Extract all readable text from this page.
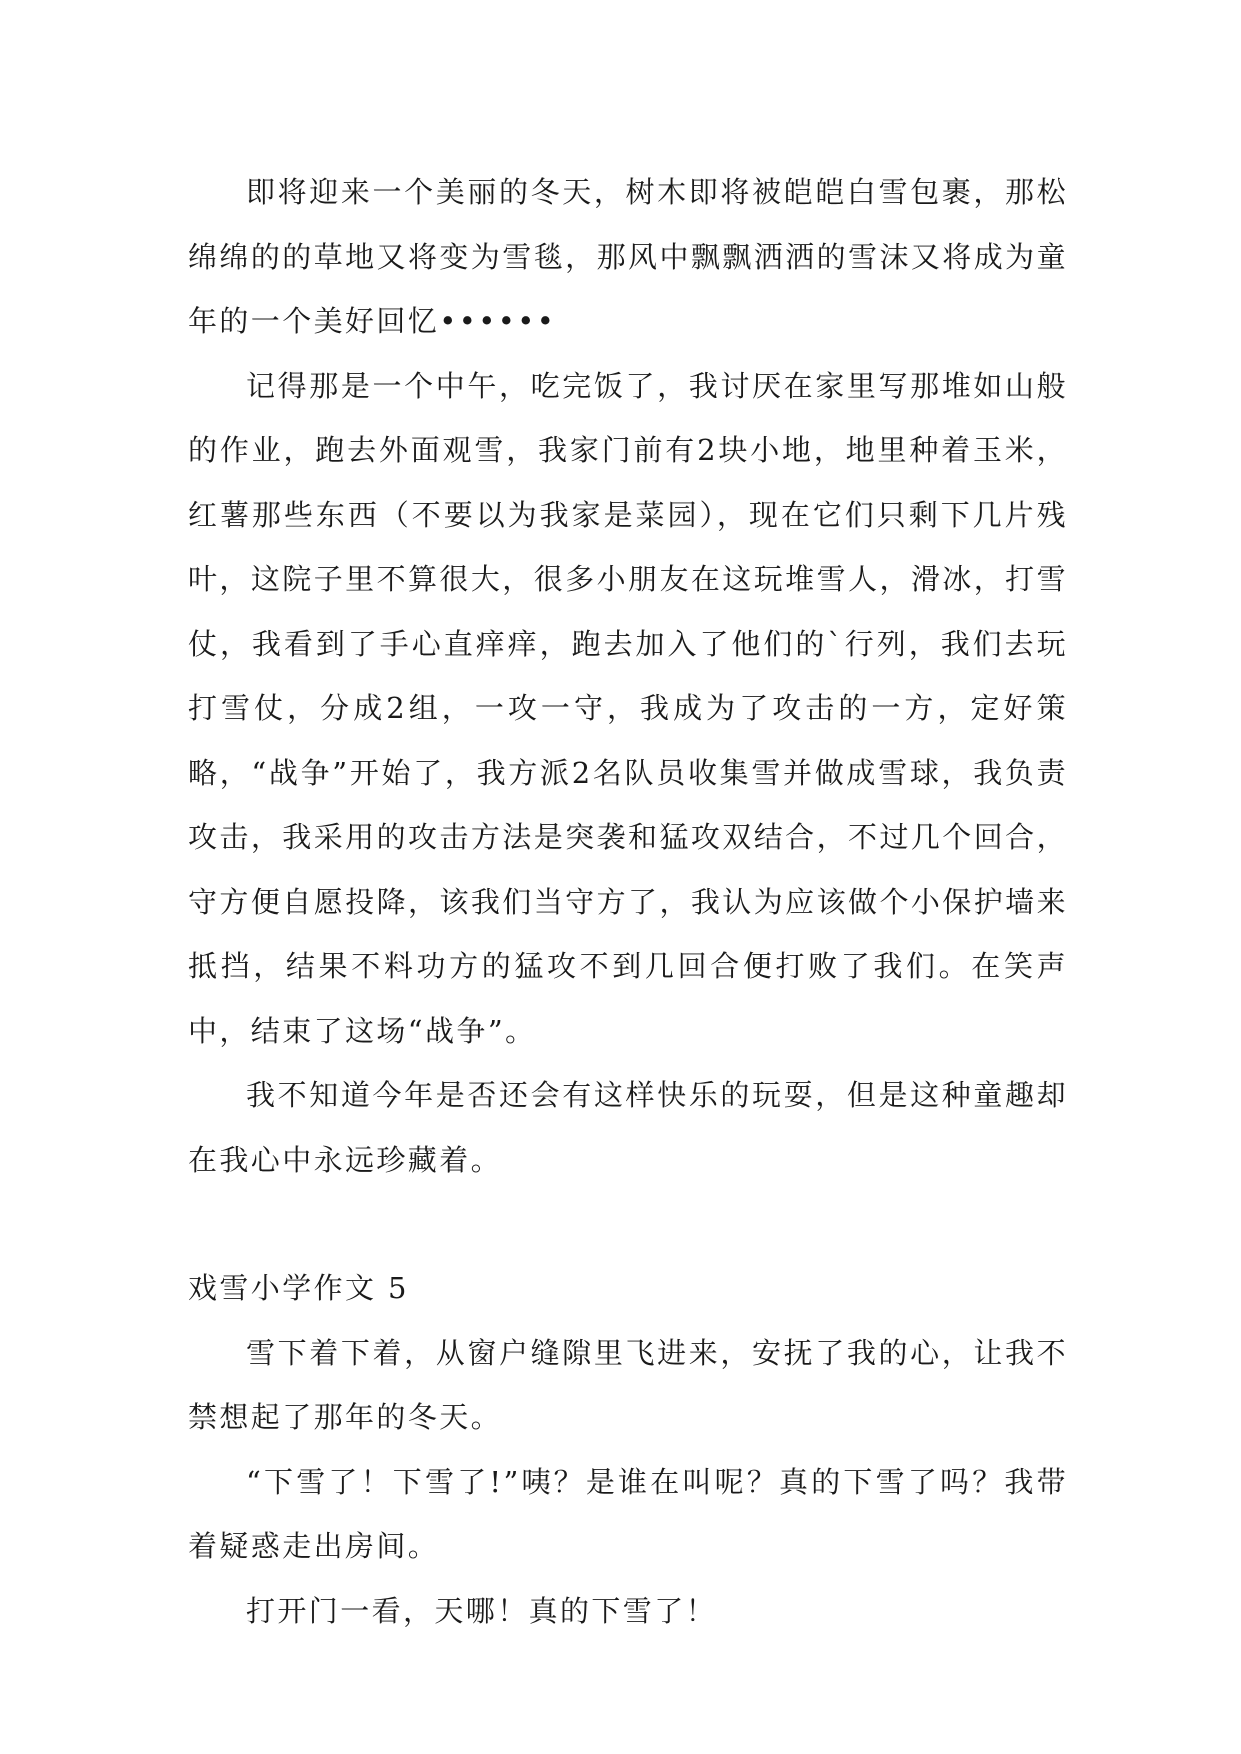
即将迎来一个美丽的冬天，树木即将被皑皑白雪包裹，那松绵绵的的草地又将变为雪毯，那风中飘飘洒洒的雪沫又将成为童年的一个美好回忆••••••

记得那是一个中午，吃完饭了，我讨厌在家里写那堆如山般的作业，跑去外面观雪，我家门前有2块小地，地里种着玉米，红薯那些东西（不要以为我家是菜园），现在它们只剩下几片残叶，这院子里不算很大，很多小朋友在这玩堆雪人，滑冰，打雪仗，我看到了手心直痒痒，跑去加入了他们的`行列，我们去玩打雪仗，分成2组，一攻一守，我成为了攻击的一方，定好策略，“战争”开始了，我方派2名队员收集雪并做成雪球，我负责攻击，我采用的攻击方法是突袭和猛攻双结合，不过几个回合，守方便自愿投降，该我们当守方了，我认为应该做个小保护墙来抵挡，结果不料功方的猛攻不到几回合便打败了我们。在笑声中，结束了这场“战争”。

我不知道今年是否还会有这样快乐的玩耍，但是这种童趣却在我心中永远珍藏着。

戏雪小学作文 5

雪下着下着，从窗户缝隙里飞进来，安抚了我的心，让我不禁想起了那年的冬天。

“下雪了！下雪了!”咦？是谁在叫呢？真的下雪了吗？我带着疑惑走出房间。

打开门一看，天哪！真的下雪了！
